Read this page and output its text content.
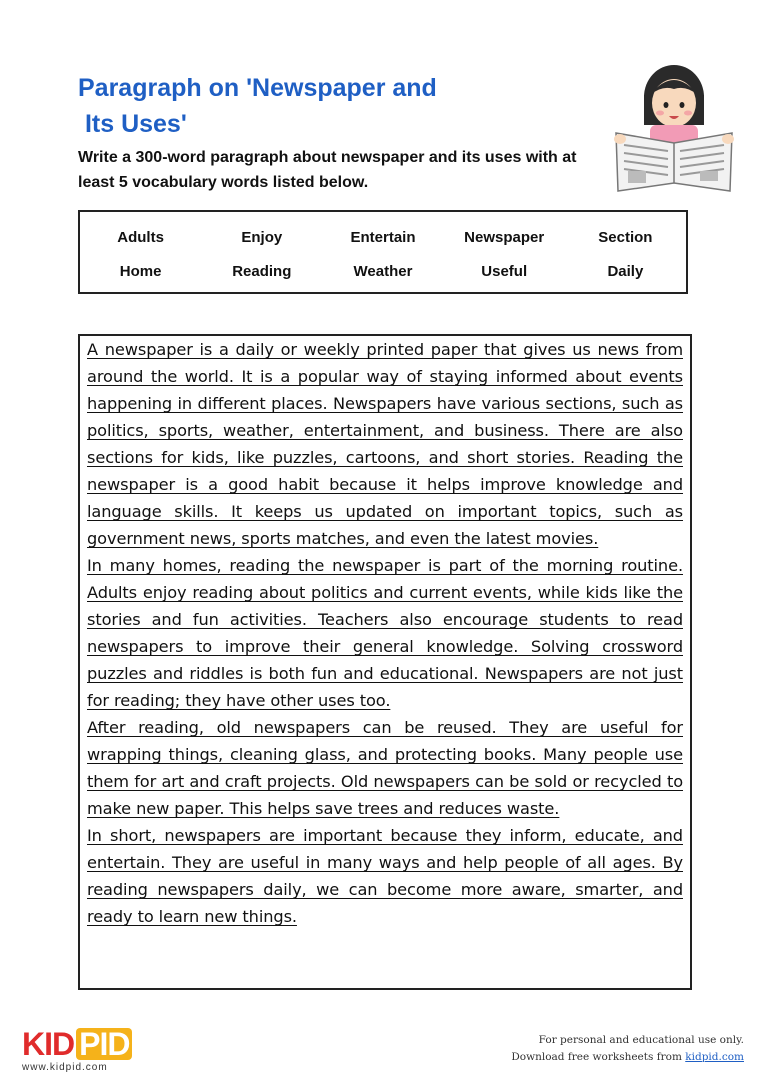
Paragraph on 'Newspaper and
Its Uses'

Write a 300-word paragraph about newspaper and its uses with at least 5 vocabulary words listed below.

Adults	Enjoy	Entertain	Newspaper	Section
Home	Reading	Weather	Useful	Daily

A newspaper is a daily or weekly printed paper that gives us news from around the world. It is a popular way of staying informed about events happening in different places. Newspapers have various sections, such as politics, sports, weather, entertainment, and business. There are also sections for kids, like puzzles, cartoons, and short stories. Reading the newspaper is a good habit because it helps improve knowledge and language skills. It keeps us updated on important topics, such as government news, sports matches, and even the latest movies.

In many homes, reading the newspaper is part of the morning routine. Adults enjoy reading about politics and current events, while kids like the stories and fun activities. Teachers also encourage students to read newspapers to improve their general knowledge. Solving crossword puzzles and riddles is both fun and educational. Newspapers are not just for reading; they have other uses too.

After reading, old newspapers can be reused. They are useful for wrapping things, cleaning glass, and protecting books. Many people use them for art and craft projects. Old newspapers can be sold or recycled to make new paper. This helps save trees and reduces waste.

In short, newspapers are important because they inform, educate, and entertain. They are useful in many ways and help people of all ages. By reading newspapers daily, we can become more aware, smarter, and ready to learn new things.

KID PID
www.kidpid.com
For personal and educational use only.
Download free worksheets from kidpid.com
